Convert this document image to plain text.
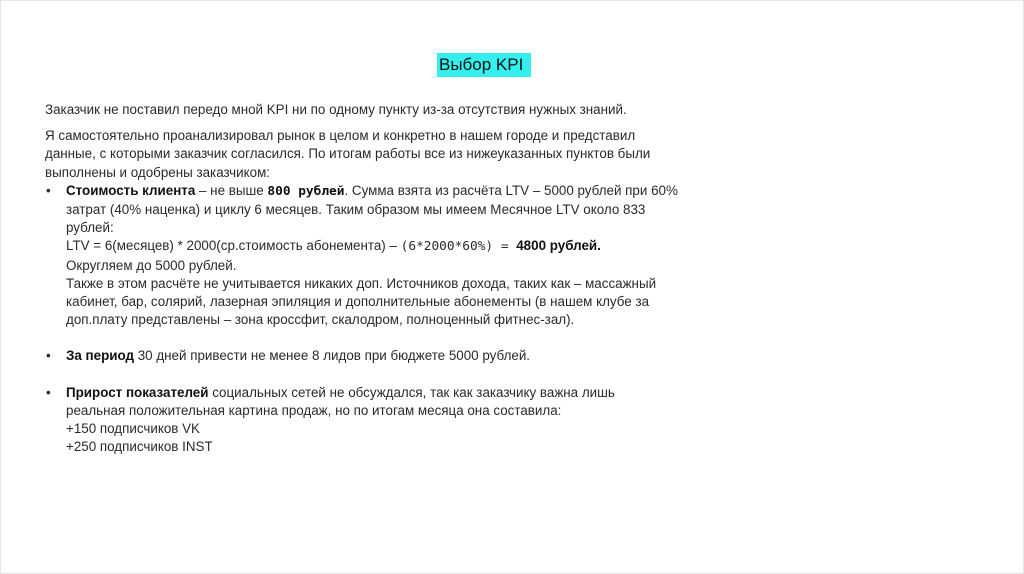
Выбор KPI

Заказчик не поставил передо мной KPI ни по одному пункту из-за отсутствия нужных знаний.

Я самостоятельно проанализировал рынок в целом и конкретно в нашем городе и представил
данные, с которыми заказчик согласился. По итогам работы все из нижеуказанных пунктов были
выполнены и одобрены заказчиком:

• Стоимость клиента – не выше 800 рублей. Сумма взята из расчёта LTV – 5000 рублей при 60%
затрат (40% наценка) и циклу 6 месяцев. Таким образом мы имеем Месячное LTV около 833
рублей:
LTV = 6(месяцев) * 2000(ср.стоимость абонемента) – (6*2000*60%) = 4800 рублей.
Округляем до 5000 рублей.
Также в этом расчёте не учитывается никаких доп. Источников дохода, таких как – массажный
кабинет, бар, солярий, лазерная эпиляция и дополнительные абонементы (в нашем клубе за
доп.плату представлены – зона кроссфит, скалодром, полноценный фитнес-зал).
• За период 30 дней привести не менее 8 лидов при бюджете 5000 рублей.
• Прирост показателей социальных сетей не обсуждался, так как заказчику важна лишь
реальная положительная картина продаж, но по итогам месяца она составила:
+150 подписчиков VK
+250 подписчиков INST
